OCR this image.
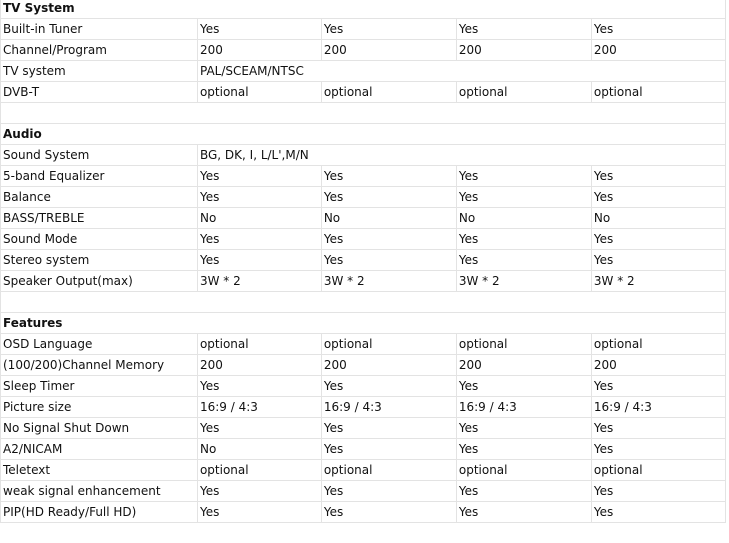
TV System				
Built-in Tuner	Yes	Yes	Yes	Yes
Channel/Program	200	200	200	200
TV system	PAL/SCEAM/NTSC			
DVB-T	optional	optional	optional	optional

Audio				
Sound System	BG, DK, I, L/L',M/N			
5-band Equalizer	Yes	Yes	Yes	Yes
Balance	Yes	Yes	Yes	Yes
BASS/TREBLE	No	No	No	No
Sound Mode	Yes	Yes	Yes	Yes
Stereo system	Yes	Yes	Yes	Yes
Speaker Output(max)	3W * 2	3W * 2	3W * 2	3W * 2

Features				
OSD Language	optional	optional	optional	optional
(100/200)Channel Memory	200	200	200	200
Sleep Timer	Yes	Yes	Yes	Yes
Picture size	16:9 / 4:3	16:9 / 4:3	16:9 / 4:3	16:9 / 4:3
No Signal Shut Down	Yes	Yes	Yes	Yes
A2/NICAM	No	Yes	Yes	Yes
Teletext	optional	optional	optional	optional
weak signal enhancement	Yes	Yes	Yes	Yes
PIP(HD Ready/Full HD)	Yes	Yes	Yes	Yes
